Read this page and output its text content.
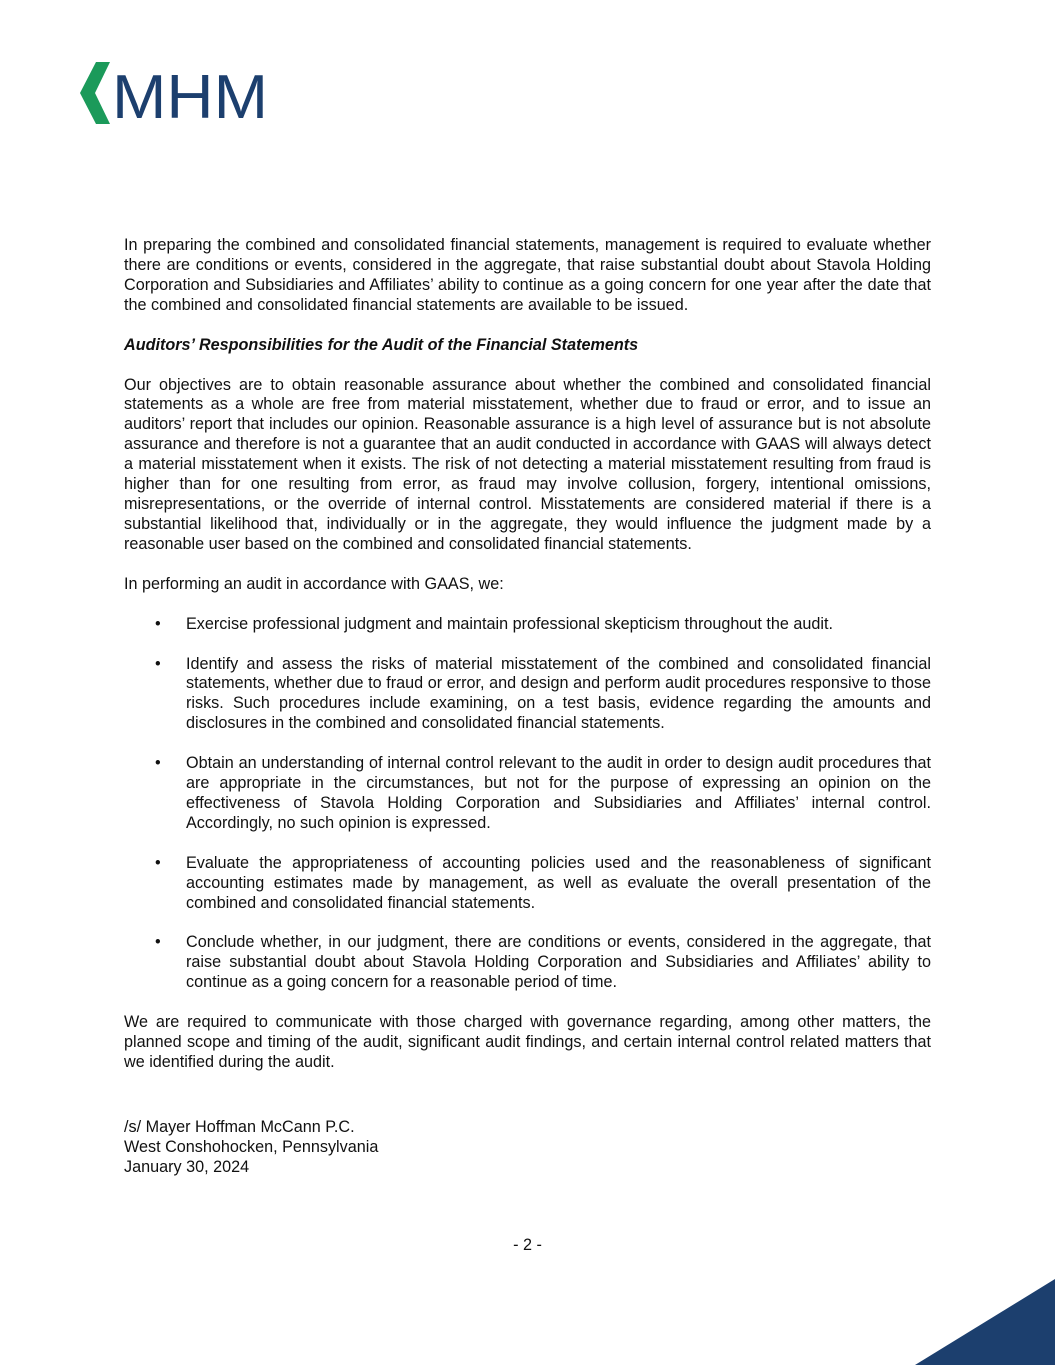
MHM

In preparing the combined and consolidated financial statements, management is required to evaluate whether there are conditions or events, considered in the aggregate, that raise substantial doubt about Stavola Holding Corporation and Subsidiaries and Affiliates’ ability to continue as a going concern for one year after the date that the combined and consolidated financial statements are available to be issued.

Auditors’ Responsibilities for the Audit of the Financial Statements

Our objectives are to obtain reasonable assurance about whether the combined and consolidated financial statements as a whole are free from material misstatement, whether due to fraud or error, and to issue an auditors’ report that includes our opinion. Reasonable assurance is a high level of assurance but is not absolute assurance and therefore is not a guarantee that an audit conducted in accordance with GAAS will always detect a material misstatement when it exists. The risk of not detecting a material misstatement resulting from fraud is higher than for one resulting from error, as fraud may involve collusion, forgery, intentional omissions, misrepresentations, or the override of internal control. Misstatements are considered material if there is a substantial likelihood that, individually or in the aggregate, they would influence the judgment made by a reasonable user based on the combined and consolidated financial statements.

In performing an audit in accordance with GAAS, we:

• Exercise professional judgment and maintain professional skepticism throughout the audit.
• Identify and assess the risks of material misstatement of the combined and consolidated financial statements, whether due to fraud or error, and design and perform audit procedures responsive to those risks. Such procedures include examining, on a test basis, evidence regarding the amounts and disclosures in the combined and consolidated financial statements.
• Obtain an understanding of internal control relevant to the audit in order to design audit procedures that are appropriate in the circumstances, but not for the purpose of expressing an opinion on the effectiveness of Stavola Holding Corporation and Subsidiaries and Affiliates’ internal control. Accordingly, no such opinion is expressed.
• Evaluate the appropriateness of accounting policies used and the reasonableness of significant accounting estimates made by management, as well as evaluate the overall presentation of the combined and consolidated financial statements.
• Conclude whether, in our judgment, there are conditions or events, considered in the aggregate, that raise substantial doubt about Stavola Holding Corporation and Subsidiaries and Affiliates’ ability to continue as a going concern for a reasonable period of time.

We are required to communicate with those charged with governance regarding, among other matters, the planned scope and timing of the audit, significant audit findings, and certain internal control related matters that we identified during the audit.

/s/ Mayer Hoffman McCann P.C.
West Conshohocken, Pennsylvania
January 30, 2024
- 2 -
